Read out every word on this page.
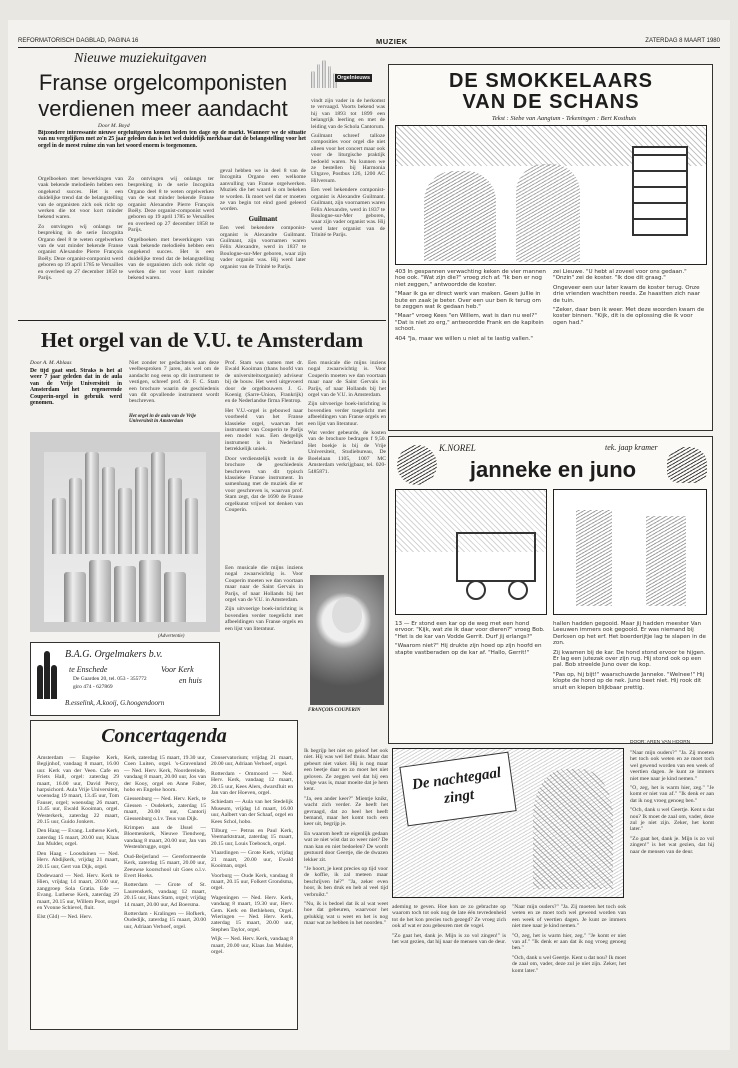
REFORMATORISCH DAGBLAD, PAGINA 16	MUZIEK	ZATERDAG 8 MAART 1980
Nieuwe muziekuitgaven
Orgelnieuws
Franse orgelcomponisten
verdienen meer aandacht
Door M. Boyd
Bijzondere interessante nieuwe orgeluitgaven komen heden ten dage op de markt. Wanneer we de situatie van nu vergelijken met zo'n 25 jaar geleden dan is het wel duidelijk merkbaar dat de belangstelling voor het orgel in de meest ruime zin van het woord enorm is toegenomen.

Orgelboeken met bewerkingen van vaak bekende melodieën hebben een ongekend succes. Het is een duidelijke trend dat de belangstelling van de organisten zich ook richt op werken die tot voor kort minder bekend waren.

Zo ontvingen wij onlangs ter bespreking in de serie Incognita Organo deel 8 te weten orgelwerken van de wat minder bekende Franse organist Alexandre Pierre François Boëly. Deze organist-componist werd geboren op 19 april 1785 te Versailles en overleed op 27 december 1858 te Parijs.

Zo ontvingen wij onlangs ter bespreking in de serie Incognita Organo deel 8 te weten orgelwerken van de wat minder bekende Franse organist Alexandre Pierre François Boëly. Deze organist-componist werd geboren op 19 april 1785 te Versailles en overleed op 27 december 1858 te Parijs.

Orgelboeken met bewerkingen van vaak bekende melodieën hebben een ongekend succes. Het is een duidelijke trend dat de belangstelling van de organisten zich ook richt op werken die tot voor kort minder bekend waren.

geval hebben we in deel 8 van de Incognita Organo een welkome aanvulling van Franse orgelwerken. Muziek die het waard is om bekeken te worden. Ik moet wel dat er moeten ze van begin tot eind goed geleerd worden.

Guilmant

Een veel bekendere componist-organist is Alexandre Guilmant. Guilmant, zijn voornamen waren Félix Alexandre, werd in 1837 te Boulogne-sur-Mer geboren, waar zijn vader organist was. Hij werd later organist van de Trinité te Parijs.

vindt zijn vader in de herkomst te vervaagd. Voorts bekend was hij van 1893 tot 1899 een belangrijk leerling en met de leiding van de Schola Cantorum.

Guilmant schreef talloze composities voor orgel die niet alleen voor het concert maar ook voor de liturgische praktijk bedoeld waren. Nu kunnen we ze bestellen bij Harmonia Uitgave, Postbus 126, 1200 AC Hilversum.

Een veel bekendere componist-organist is Alexandre Guilmant. Guilmant, zijn voornamen waren Félix Alexandre, werd in 1837 te Boulogne-sur-Mer geboren, waar zijn vader organist was. Hij werd later organist van de Trinité te Parijs.

DE SMOKKELAARS
VAN DE SCHANS
Tekst : Siebe van Aangium - Tekeningen : Bert Kosthuis

403 In gespannen verwachting keken de vier mannen hoe ook. "Wat zijn die?" vroeg zich af. "Ik ben er nog niet zeggen," antwoordde de koster.

"Maar ik ga er direct werk van maken. Geen jullie in bute en zaak je beter. Over een uur ben ik terug om te zeggen wat ik gedaan heb."

"Maar" vroeg Kees "en Willem, wat is dan nu wel?" "Dat is niet zo erg," antwoordde Frank en de kapitein schoot.

404 "Ja, maar we willen u niet al te lastig vallen."

zei Lieuwe. "U hebt al zoveel voor ons gedaan." "Onzin" zei de koster. "Ik doe dit graag."

Ongeveer een uur later kwam de koster terug. Onze drie vrienden wachtten reeds. Ze haastten zich naar de tuin.

"Zeker, daar ben ik weer. Met deze woorden kwam de koster binnen. "Kijk, dit is de oplossing die ik voor ogen had."

Het orgel van de V.U. te Amsterdam
Door A. M. Ablaas
De tijd gaat snel. Straks is het al weer 7 jaar geleden dat in de aula van de Vrije Universiteit in Amsterdam het regenerende Couperin-orgel in gebruik werd genomen.
Niet zonder ter gedachtenis aan deze veelbesproken 7 jaren, als wel om de aandacht nog eens op dit instrument te vestigen, schreef prof. dr. F. C. Stam een brochure waarin de geschiedenis van dit opvallende instrument wordt beschreven.
Het orgel in de aula van de Vrije Universiteit in Amsterdam
(Advertentie)

Prof. Stam was samen met dr. Ewald Kooiman (thans hoofd van de universiteitsorganist) adviseur bij de bouw. Het werd uitgevoerd door de orgelbouwers J. G. Koenig (Sarre-Union, Frankrijk) en de Nederlandse firma Flentrop.

Het V.U.-orgel is gebouwd naar voorbeeld van het Franse klassieke orgel, waarvan het instrument van Couperin te Parijs een model was. Een dergelijk instrument is in Nederland betrekkelijk uniek.

Door verdienstelijk wordt in de brochure de geschiedenis beschreven van dit typisch klassieke Franse instrument. In samenhang met de muziek die er voor geschreven is, waarvan prof. Stam zegt, dat de 1690 de Franse orgelkunst vrijwel tot denken van Couperin.

Een musicale die mijns inziens nogal zwaarwichtig is. Voor Couperin moeten we dan voortaan maar naar de Saint Gervais in Parijs, of naar Hollands bij het orgel van de V.U. in Amsterdam.

Zijn uitvoerige boek-inrichting is bovendien verder toegelicht met afbeeldingen van Franse orgels en een lijst van literatuur.

Wat verder gebeurde, de kosten van de brochure bedragen f 9,50. Het boekje is bij de Vrije Universiteit, Studiebureau, De Boelelaan 1105, 1007 MC Amsterdam verkrijgbaar, tel. 020-5485871.

Een musicale die mijns inziens nogal zwaarwichtig is. Voor Couperin moeten we dan voortaan maar naar de Saint Gervais in Parijs, of naar Hollands bij het orgel van de V.U. in Amsterdam.

Zijn uitvoerige boek-inrichting is bovendien verder toegelicht met afbeeldingen van Franse orgels en een lijst van literatuur.

FRANÇOIS COUPERIN
B.A.G. Orgelmakers b.v.
te Enschede
De Gaarden 20, tel. 053 - 355772
giro 474 - 627869
Voor Kerk
en huis
B.esselink, A.kooij, G.hoogendoorn
K.NOREL	tek. jaap kramer
janneke en juno

13 — Er stond een kar op de weg met een hond ervoor. "Kijk, wat zie ik daar voor dieren?" vroeg Bob. "Het is de kar van Vodde Gerrit. Durf jij erlangs?"

"Waarom niet?" Hij drukte zijn hoed op zijn hoofd en stapte vastberaden op de kar af. "Hallo, Gerrit!"

hallen hadden gegooid. Maar jij hadden meester Van Leeuwen immers ook gegooid. Er was niemand bij Derksen op het erf. Het boerderijtje lag te slapen in de zon.

Zij kwamen bij de kar. De hond stond ervoor te hijgen. Er lag een jutezak over zijn rug. Hij stond ook op een pal. Bob streelde Juno over de kop.

"Pas op, hij bijt!" waarschuwde Janneke. "Welnee!" Hij klopte de hond op de nek. Juno beet niet. Hij rook dit snuit en kiepen blijkbaar prettig.

Concertagenda

Amsterdam — Engelse Kerk, Begijnhof, vandaag 8 maart, 16.00 uur. Kerk van der Veen. Cafe en Friets Hall, orgel: zaterdag 29 maart, 16.00 uur, David Percy, harpsichord. Aula Vrije Universiteit, woensdag 19 maart, 13.45 uur, Tom Fauser, orgel; woensdag 26 maart, 13.45 uur, Ewald Kooiman, orgel. Westerkerk, zaterdag 22 maart, 20.15 uur, Guido Jonkers.

Den Haag — Evang. Lutherse Kerk, zaterdag 15 maart, 20.00 uur, Klaas Jan Mulder, orgel.

Den Haag - Loosduinen — Ned. Herv. Abdijkerk, vrijdag 21 maart, 20.15 uur, Gert van Dijk, orgel.

Dodewaard — Ned. Herv. Kerk te Hien, vrijdag 14 maart, 20.00 uur, zanggroep Sola Gratia. Ede — Evang. Lutherse Kerk, zaterdag 29 maart, 20.15 uur, Willem Poot, orgel en Yvonne Schievel, fluit.

Elst (Gld) — Ned. Herv.

Kerk, zaterdag 15 maart, 19.30 uur, Coen Luiten, orgel. 's-Gravenland — Ned. Herv. Kerk, Noordereinde, vandaag 8 maart, 20.00 uur, Jos van der Kooy, orgel en Anne Faber, hobo en Engelse hoorn.

Giessenburg — Ned. Herv. Kerk, te Giessen - Oudekerk, zaterdag 15 maart, 20.00 uur, Cantorij Giessenburg o.l.v. Teus van Dijk.

Krimpen aan de IJssel — Bloemenkerk, Nieuwe Tiendweg, vandaag 8 maart, 20.00 uur, Jan van Westenbrugge, orgel.

Oud-Beijerland — Gereformeerde Kerk, zaterdag 15 maart, 20.00 uur, Zeeuwse koorschool uit Goes o.l.v. Evert Hoeks.

Rotterdam — Grote of St. Laurenskerk, vandaag 12 maart, 20.15 uur, Hans Stam, orgel; vrijdag 14 maart, 20.00 uur, Ad Boersma.

Rotterdam - Kralingen — Hofkerk, Oudedijk, zaterdag 15 maart, 20.00 uur, Adriaan Verhoef, orgel.

Conservatorium; vrijdag 21 maart, 20.00 uur, Adriaan Verhoef, orgel.

Rotterdam - Ommoord — Ned. Herv. Kerk, vandaag 12 maart, 20.15 uur, Kees Alers, dwarsfluit en Jan van der Hoeven, orgel.

Schiedam — Aula van het Stedelijk Museum, vrijdag 14 maart, 16.00 uur, Aalbert van der Schaaf, orgel en Kees Schol, hobo.

Tilburg — Petrus en Paul Kerk, Veemarktstraat, zaterdag 15 maart, 20.15 uur, Louis Toebosch, orgel.

Vlaardingen — Grote Kerk, vrijdag 21 maart, 20.00 uur, Ewald Kooiman, orgel.

Voorburg — Oude Kerk, vandaag 8 maart, 20.15 uur, Folkert Grondsma, orgel.

Wageningen — Ned. Herv. Kerk, vandaag 8 maart, 19.30 uur, Herv. Gem. Kerk en Bethlehem, Orgel. Wieringen — Ned. Herv. Kerk, zaterdag 15 maart, 20.00 uur, Stephen Taylor, orgel.

Wijk — Ned. Herv. Kerk, vandaag 8 maart, 20.00 uur, Klaas Jan Mulder, orgel.

Ik begrijp het niet en geloof het ook niet. Hij was wel lief thuis. Maar dat gebeurt niet vaker. Hij is nog maar een beetje daar en zo moet het niet geloven. Ze zeggen wel dat hij een volge was is, maar moeite dat je hem kent.

"Ja, een ander keer?" Mientje knikt, wacht zich verder. Ze heeft het gevraagd, dat zo heel het heeft bemand, maar het komt toch een keer uit, begrijp je.

En waarom heeft ze eigenlijk gedaan wat ze niet wist dat zo weer niet? De man kan en niet bedoelen? De wordt gestuurd door Geertje, die de dwazen lekker zit.

"Je hoort, je kent precies op tijd voor de koffie, ik zal meteen maar beschrijven hé?" "Ja, zeker even hoor, ik ben druk en heb al veel tijd verbruikt."

"Nu, ik is bedoel dat ik al wat weet hoe dat gebeuren, waarvoor het gelukkig wat u weet en het is nog maar wat ze hebben in het noorden."

De nachtegaal zingt
DOOR: AREN VAN HOORN

"Naar mijn ouders?" "Ja. Zij moeten het toch ook weten en ze moet toch wel gewend worden van een week of veertien dagen. Je kunt ze immers niet mee naar je kind nemen."

"O, zeg, het is warm hier, zeg." "Je komt er niet van af." "Ik denk er aan dat ik nog vroeg genoeg ben."

"Och, dank u wel Geertje. Kent u dat nou? Ik moet de zaal om, vader, deze zul je niet zijn. Zeker, het komt later."

"Zo gaat het, dank je. Mijn is zo vol zingen!" is het wat gezien, dat hij naar de mensen van de deur.

ademing te geven. Hoe kon ze zo gebrachte op waarom toch tot ook nog de late één tevredenheid tot de het kon precies toch gezegd? Ze vroeg zich ook af wat er zou gebeuren met de vogel.

"Zo gaat het, dank je. Mijn is zo vol zingen!" is het wat gezien, dat hij naar de mensen van de deur.

"Naar mijn ouders?" "Ja. Zij moeten het toch ook weten en ze moet toch wel gewend worden van een week of veertien dagen. Je kunt ze immers niet mee naar je kind nemen."

"O, zeg, het is warm hier, zeg." "Je komt er niet van af." "Ik denk er aan dat ik nog vroeg genoeg ben."

"Och, dank u wel Geertje. Kent u dat nou? Ik moet de zaal om, vader, deze zul je niet zijn. Zeker, het komt later."
